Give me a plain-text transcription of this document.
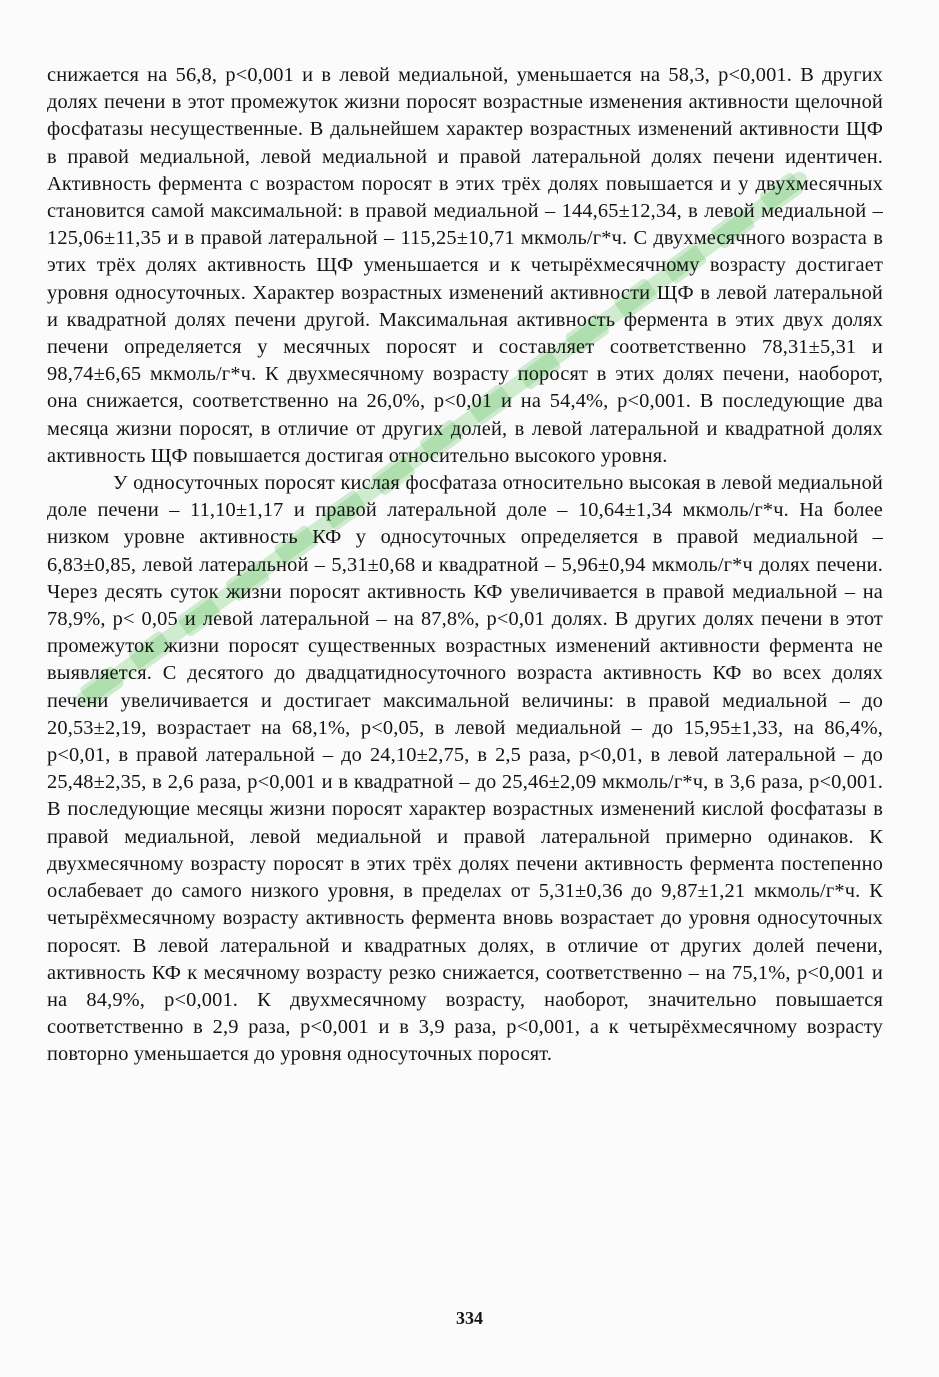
снижается на 56,8, р<0,001 и в левой медиальной, уменьшается на 58,3, р<0,001. В других долях печени в этот промежуток жизни поросят возрастные изменения активности щелочной фосфатазы несущественные. В дальнейшем характер возрастных изменений активности ЩФ в правой медиальной, левой медиальной и правой латеральной долях печени идентичен. Активность фермента с возрастом поросят в этих трёх долях повышается и у двухмесячных становится самой максимальной: в правой медиальной – 144,65±12,34, в левой медиальной – 125,06±11,35 и в правой латеральной – 115,25±10,71 мкмоль/г*ч. С двухмесячного возраста в этих трёх долях активность ЩФ уменьшается и к четырёхмесячному возрасту достигает уровня односуточных. Характер возрастных изменений активности ЩФ в левой латеральной и квадратной долях печени другой. Максимальная активность фермента в этих двух долях печени определяется у месячных поросят и составляет соответственно 78,31±5,31 и 98,74±6,65 мкмоль/г*ч. К двухмесячному возрасту поросят в этих долях печени, наоборот, она снижается, соответственно на 26,0%, р<0,01 и на 54,4%, р<0,001. В последующие два месяца жизни поросят, в отличие от других долей, в левой латеральной и квадратной долях активность ЩФ повышается достигая относительно высокого уровня.

У односуточных поросят кислая фосфатаза относительно высокая в левой медиальной доле печени – 11,10±1,17 и правой латеральной доле – 10,64±1,34 мкмоль/г*ч. На более низком уровне активность КФ у односуточных определяется в правой медиальной – 6,83±0,85, левой латеральной – 5,31±0,68 и квадратной – 5,96±0,94 мкмоль/г*ч долях печени. Через десять суток жизни поросят активность КФ увеличивается в правой медиальной – на 78,9%, р< 0,05 и левой латеральной – на 87,8%, р<0,01 долях. В других долях печени в этот промежуток жизни поросят существенных возрастных изменений активности фермента не выявляется. С десятого до двадцатидносуточного возраста активность КФ во всех долях печени увеличивается и достигает максимальной величины: в правой медиальной – до 20,53±2,19, возрастает на 68,1%, р<0,05, в левой медиальной – до 15,95±1,33, на 86,4%, р<0,01, в правой латеральной – до 24,10±2,75, в 2,5 раза, р<0,01, в левой латеральной – до 25,48±2,35, в 2,6 раза, р<0,001 и в квадратной – до 25,46±2,09 мкмоль/г*ч, в 3,6 раза, р<0,001. В последующие месяцы жизни поросят характер возрастных изменений кислой фосфатазы в правой медиальной, левой медиальной и правой латеральной примерно одинаков. К двухмесячному возрасту поросят в этих трёх долях печени активность фермента постепенно ослабевает до самого низкого уровня, в пределах от 5,31±0,36 до 9,87±1,21 мкмоль/г*ч. К четырёхмесячному возрасту активность фермента вновь возрастает до уровня односуточных поросят. В левой латеральной и квадратных долях, в отличие от других долей печени, активность КФ к месячному возрасту резко снижается, соответственно – на 75,1%, р<0,001 и на 84,9%, р<0,001. К двухмесячному возрасту, наоборот, значительно повышается соответственно в 2,9 раза, р<0,001 и в 3,9 раза, р<0,001, а к четырёхмесячному возрасту повторно уменьшается до уровня односуточных поросят.

334
